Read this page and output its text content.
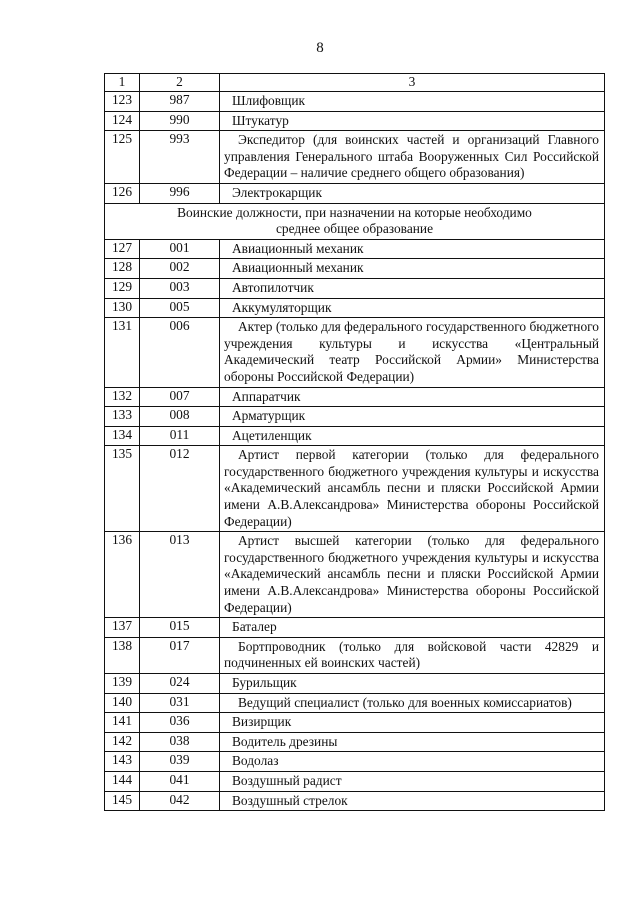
8
1	2	3
123	987	Шлифовщик
124	990	Штукатур
125	993	Экспедитор (для воинских частей и организаций Главного управления Генерального штаба Вооруженных Сил Российской Федерации – наличие среднего общего образования)

126	996	Электрокарщик
Воинские должности, при назначении на которые необходимо
среднее общее образование		

127	001	Авиационный механик
128	002	Авиационный механик
129	003	Автопилотчик
130	005	Аккумуляторщик
131	006	Актер (только для федерального государственного бюджетного учреждения культуры и искусства «Центральный Академический театр Российской Армии» Министерства обороны Российской Федерации)

132	007	Аппаратчик
133	008	Арматурщик
134	011	Ацетиленщик
135	012	Артист первой категории (только для федерального государственного бюджетного учреждения культуры и искусства «Академический ансамбль песни и пляски Российской Армии имени А.В.Александрова» Министерства обороны Российской Федерации)

136	013	Артист высшей категории (только для федерального государственного бюджетного учреждения культуры и искусства «Академический ансамбль песни и пляски Российской Армии имени А.В.Александрова» Министерства обороны Российской Федерации)

137	015	Баталер
138	017	Бортпроводник (только для войсковой части 42829 и подчиненных ей воинских частей)

139	024	Бурильщик
140	031	Ведущий специалист (только для военных комиссариатов)

141	036	Визирщик
142	038	Водитель дрезины
143	039	Водолаз
144	041	Воздушный радист
145	042	Воздушный стрелок
